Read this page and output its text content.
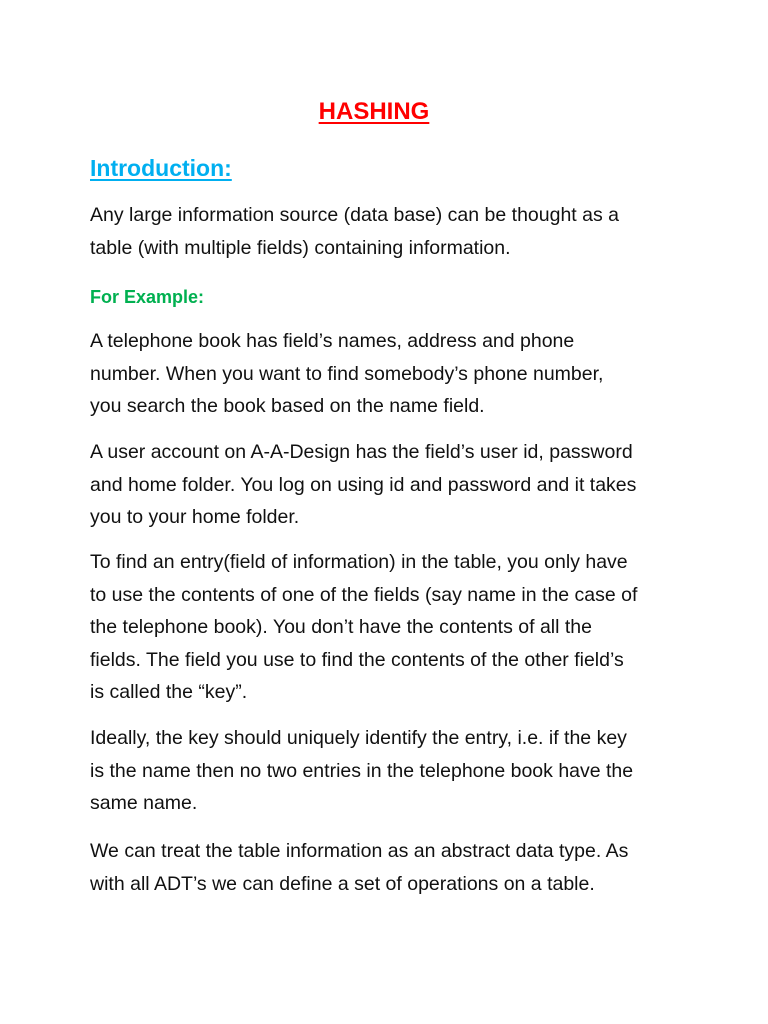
HASHING
Introduction:
Any large information source (data base) can be thought as a
table (with multiple fields) containing information.
For Example:
A telephone book has field’s names, address and phone
number. When you want to find somebody’s phone number,
you search the book based on the name field.
A user account on A-A-Design has the field’s user id, password
and home folder. You log on using id and password and it takes
you to your home folder.
To find an entry(field of information) in the table, you only have
to use the contents of one of the fields (say name in the case of
the telephone book). You don’t have the contents of all the
fields. The field you use to find the contents of the other field’s
is called the “key”.
Ideally, the key should uniquely identify the entry, i.e. if the key
is the name then no two entries in the telephone book have the
same name.
We can treat the table information as an abstract data type. As
with all ADT’s we can define a set of operations on a table.
